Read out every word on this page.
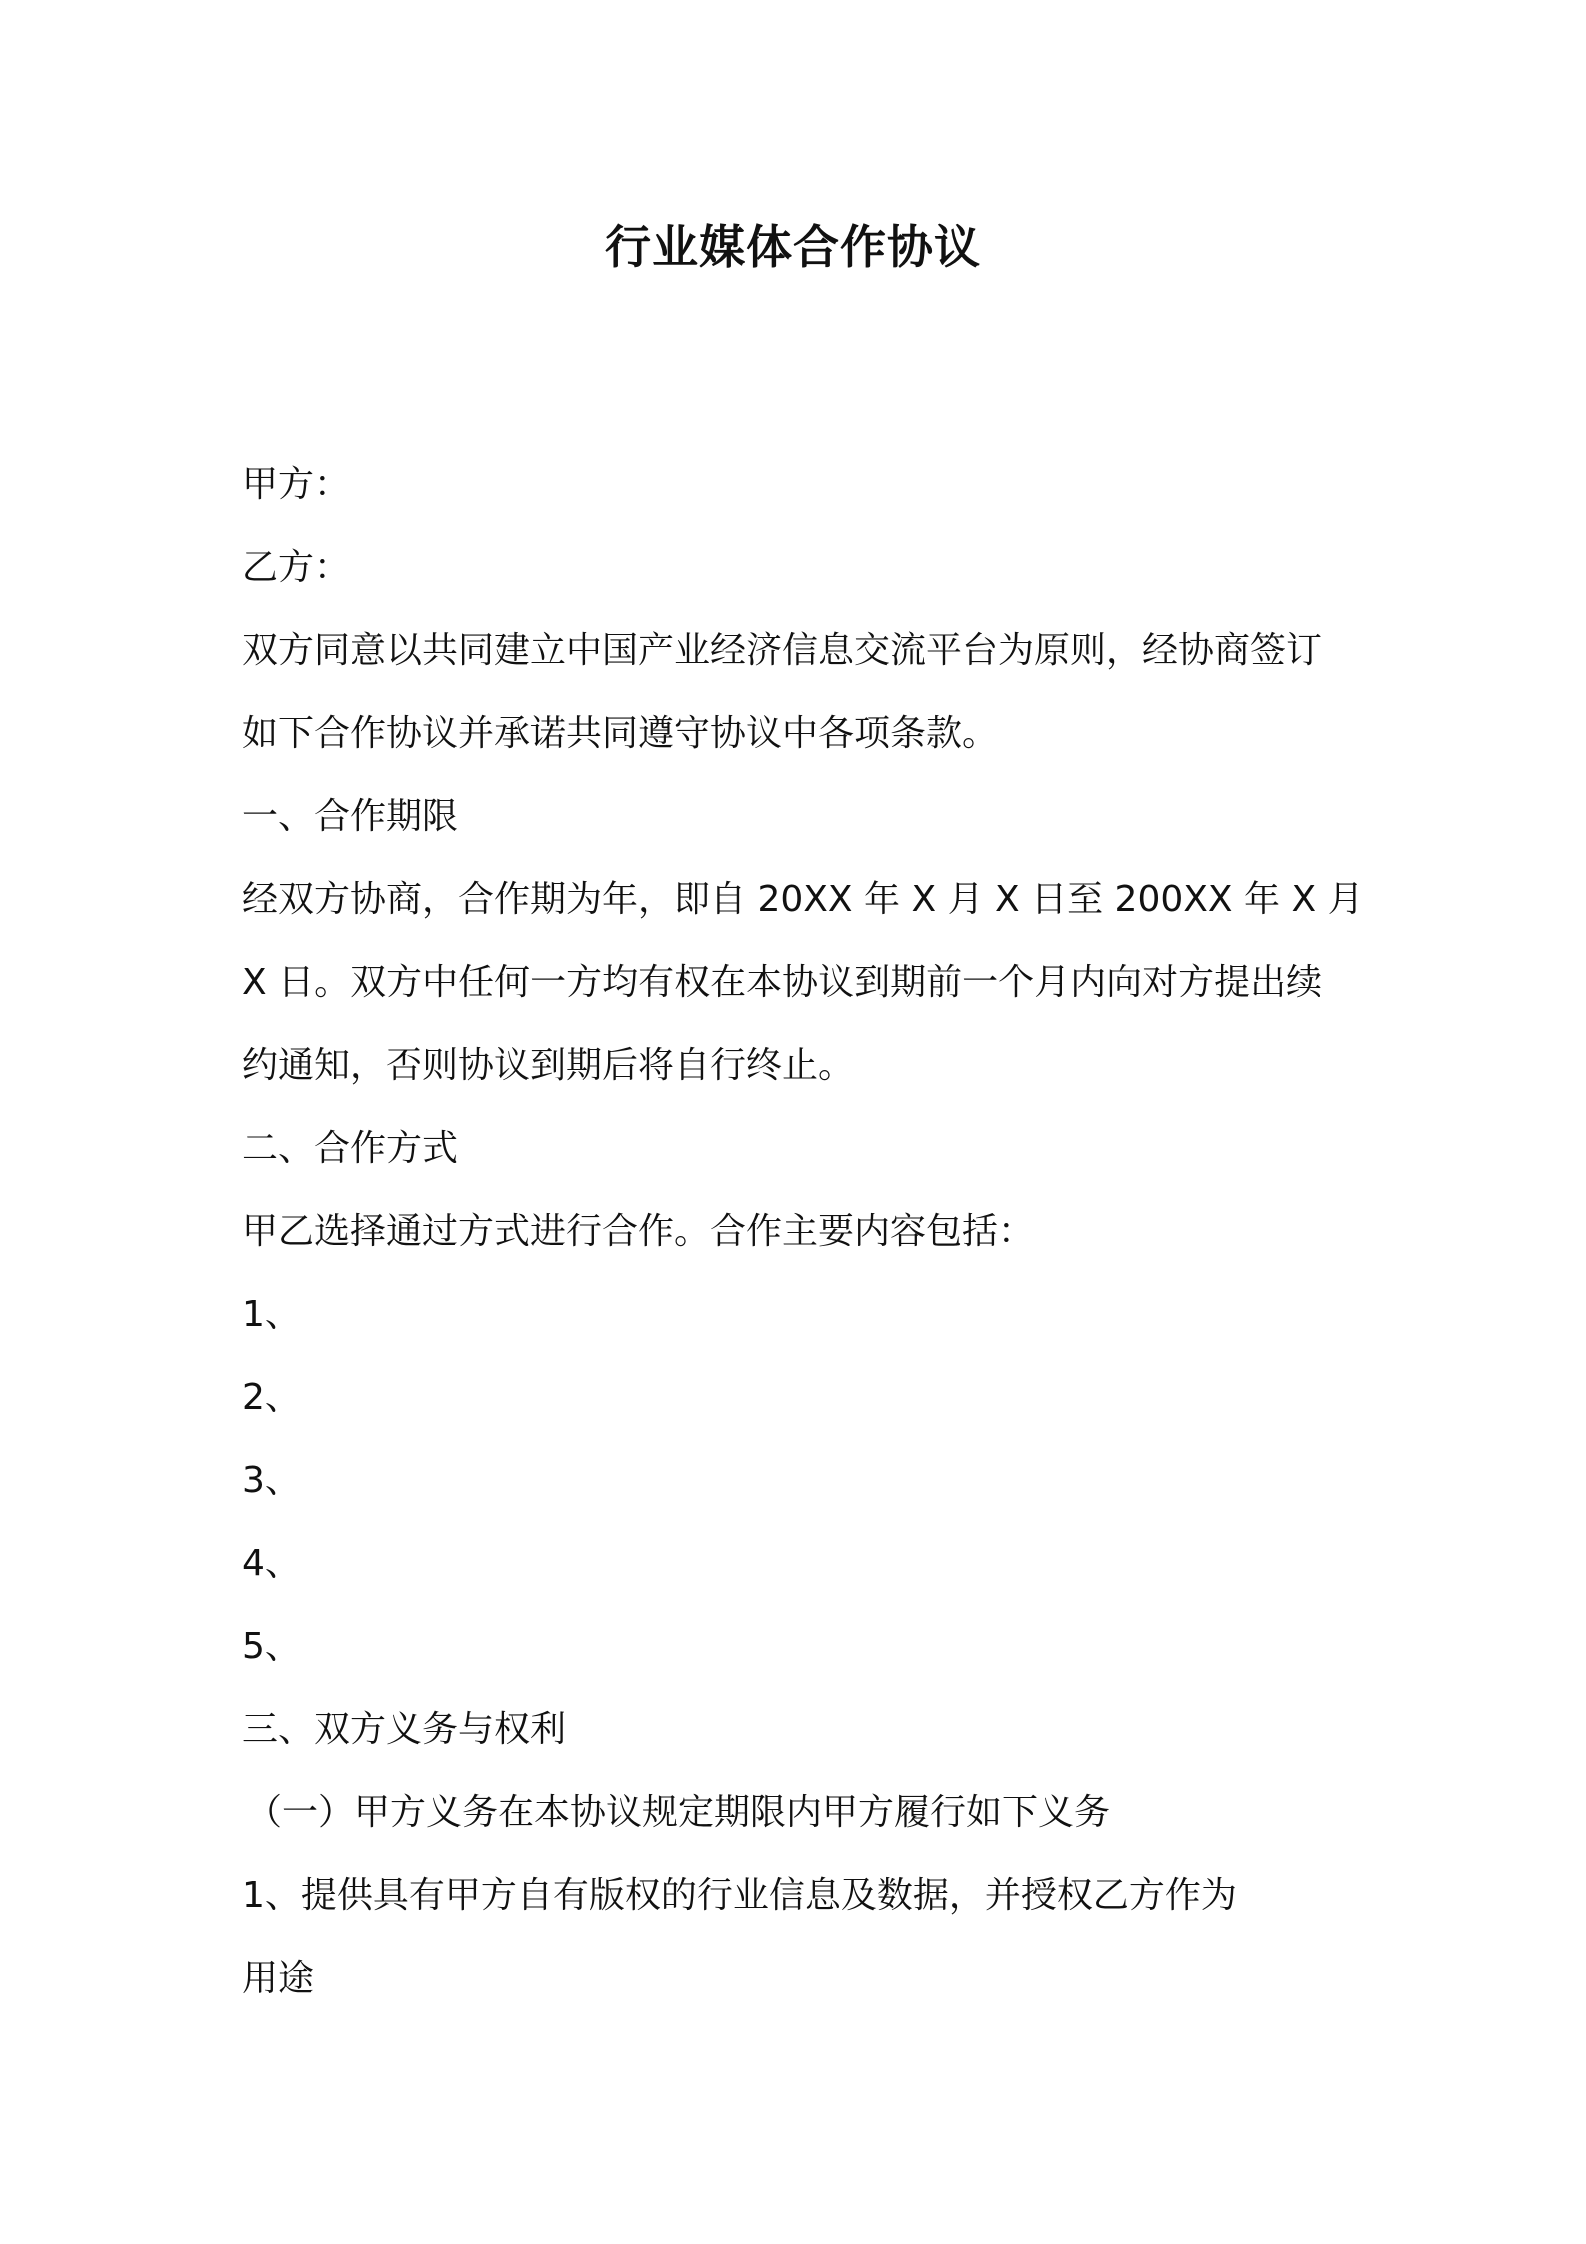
行业媒体合作协议
甲方：
乙方：
双方同意以共同建立中国产业经济信息交流平台为原则，经协商签订
如下合作协议并承诺共同遵守协议中各项条款。
一、合作期限
经双方协商，合作期为年，即自 20XX 年 X 月 X 日至 200XX 年 X 月
X 日。双方中任何一方均有权在本协议到期前一个月内向对方提出续
约通知，否则协议到期后将自行终止。
二、合作方式
甲乙选择通过方式进行合作。合作主要内容包括：
1、
2、
3、
4、
5、
三、双方义务与权利
（一）甲方义务在本协议规定期限内甲方履行如下义务
1、提供具有甲方自有版权的行业信息及数据，并授权乙方作为
用途
